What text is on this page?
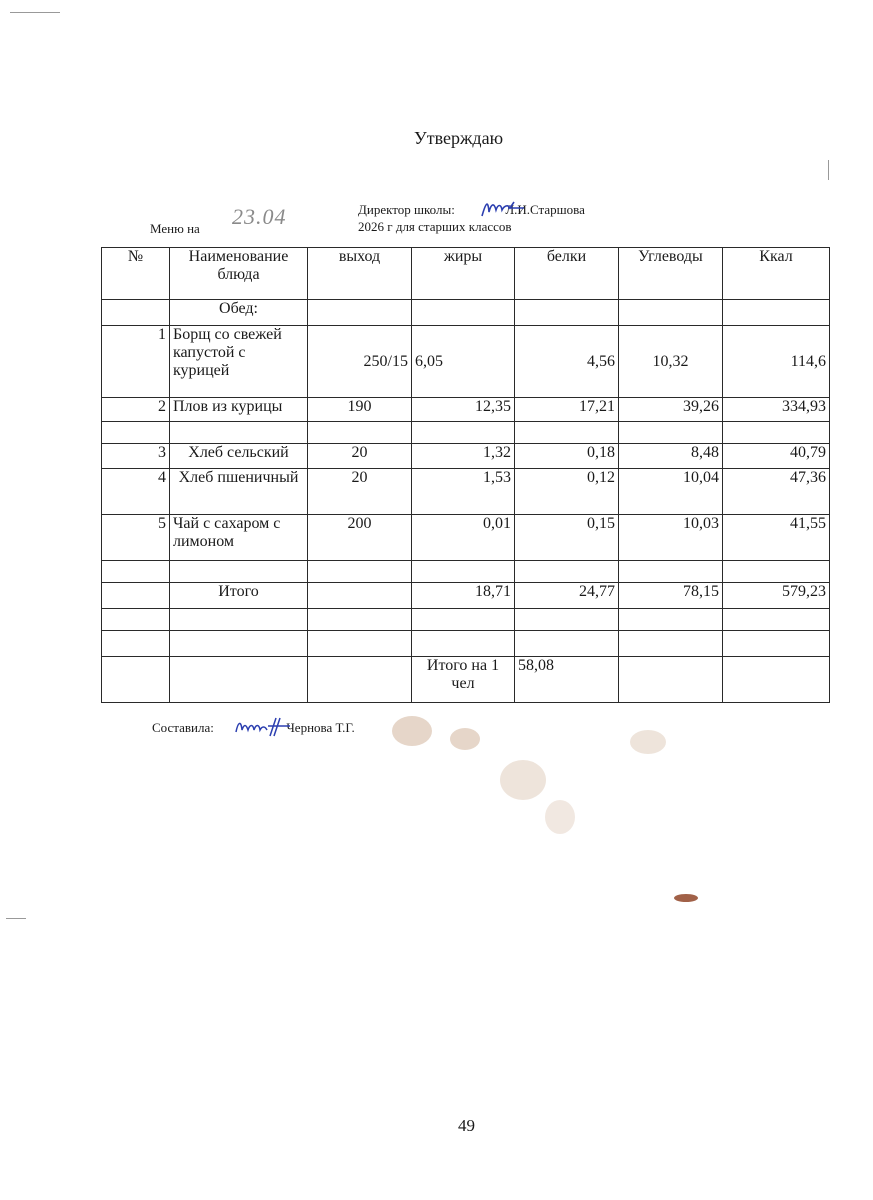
Утверждаю
Директор школы:	Л.И.Старшова
Меню на 23.04	2026 г для старших классов
№	Наименование блюда	выход	жиры	белки	Углеводы	Ккал
	Обед:					
1	Борщ со свежей капустой с курицей	250/15	6,05	4,56	10,32	114,6
2	Плов из курицы	190	12,35	17,21	39,26	334,93

3	Хлеб сельский	20	1,32	0,18	8,48	40,79
4	Хлеб пшеничный	20	1,53	0,12	10,04	47,36
5	Чай с сахаром с лимоном	200	0,01	0,15	10,03	41,55

	Итого		18,71	24,77	78,15	579,23

			Итого на 1 чел	58,08		
Составила:	Чернова Т.Г.
49
